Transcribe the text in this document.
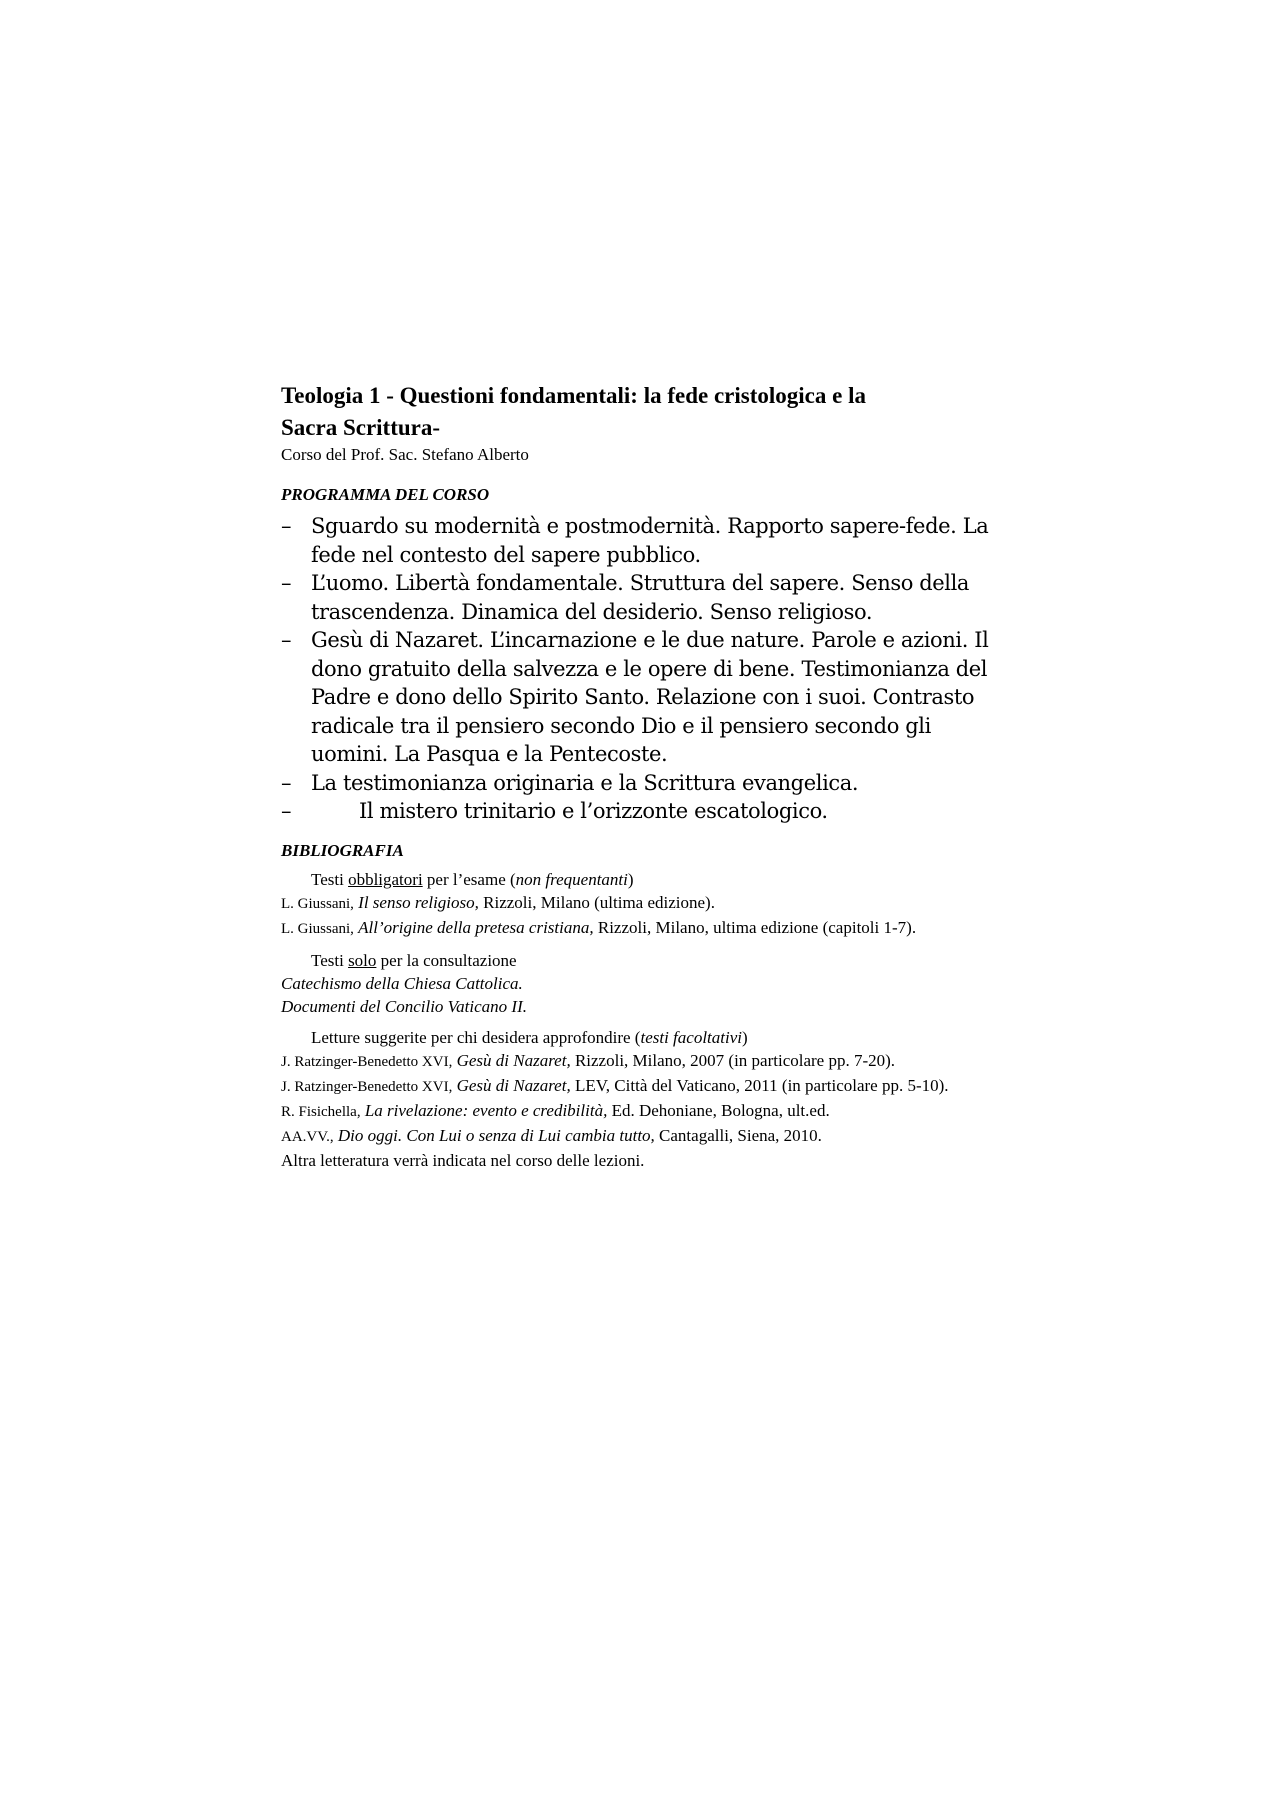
Teologia 1 - Questioni fondamentali: la fede cristologica e la
Sacra Scrittura-

Corso del Prof. Sac. Stefano Alberto

PROGRAMMA DEL CORSO
– Sguardo su modernità e postmodernità. Rapporto sapere-fede. La
fede nel contesto del sapere pubblico.
– L’uomo. Libertà fondamentale. Struttura del sapere. Senso della
trascendenza. Dinamica del desiderio. Senso religioso.
– Gesù di Nazaret. L’incarnazione e le due nature. Parole e azioni. Il
dono gratuito della salvezza e le opere di bene. Testimonianza del
Padre e dono dello Spirito Santo. Relazione con i suoi. Contrasto
radicale tra il pensiero secondo Dio e il pensiero secondo gli
uomini. La Pasqua e la Pentecoste.
– La testimonianza originaria e la Scrittura evangelica.
–	Il mistero trinitario e l’orizzonte escatologico.
BIBLIOGRAFIA
Testi obbligatori per l’esame (non frequentanti)
L. Giussani, Il senso religioso, Rizzoli, Milano (ultima edizione).
L. Giussani, All’origine della pretesa cristiana, Rizzoli, Milano, ultima edizione (capitoli 1-7).
Testi solo per la consultazione

Catechismo della Chiesa Cattolica.

Documenti del Concilio Vaticano II.

Letture suggerite per chi desidera approfondire (testi facoltativi)
J. Ratzinger-Benedetto XVI, Gesù di Nazaret, Rizzoli, Milano, 2007 (in particolare pp. 7-20).
J. Ratzinger-Benedetto XVI, Gesù di Nazaret, LEV, Città del Vaticano, 2011 (in particolare pp. 5-10).
R. Fisichella, La rivelazione: evento e credibilità, Ed. Dehoniane, Bologna, ult.ed.
AA.VV., Dio oggi. Con Lui o senza di Lui cambia tutto, Cantagalli, Siena, 2010.

Altra letteratura verrà indicata nel corso delle lezioni.
